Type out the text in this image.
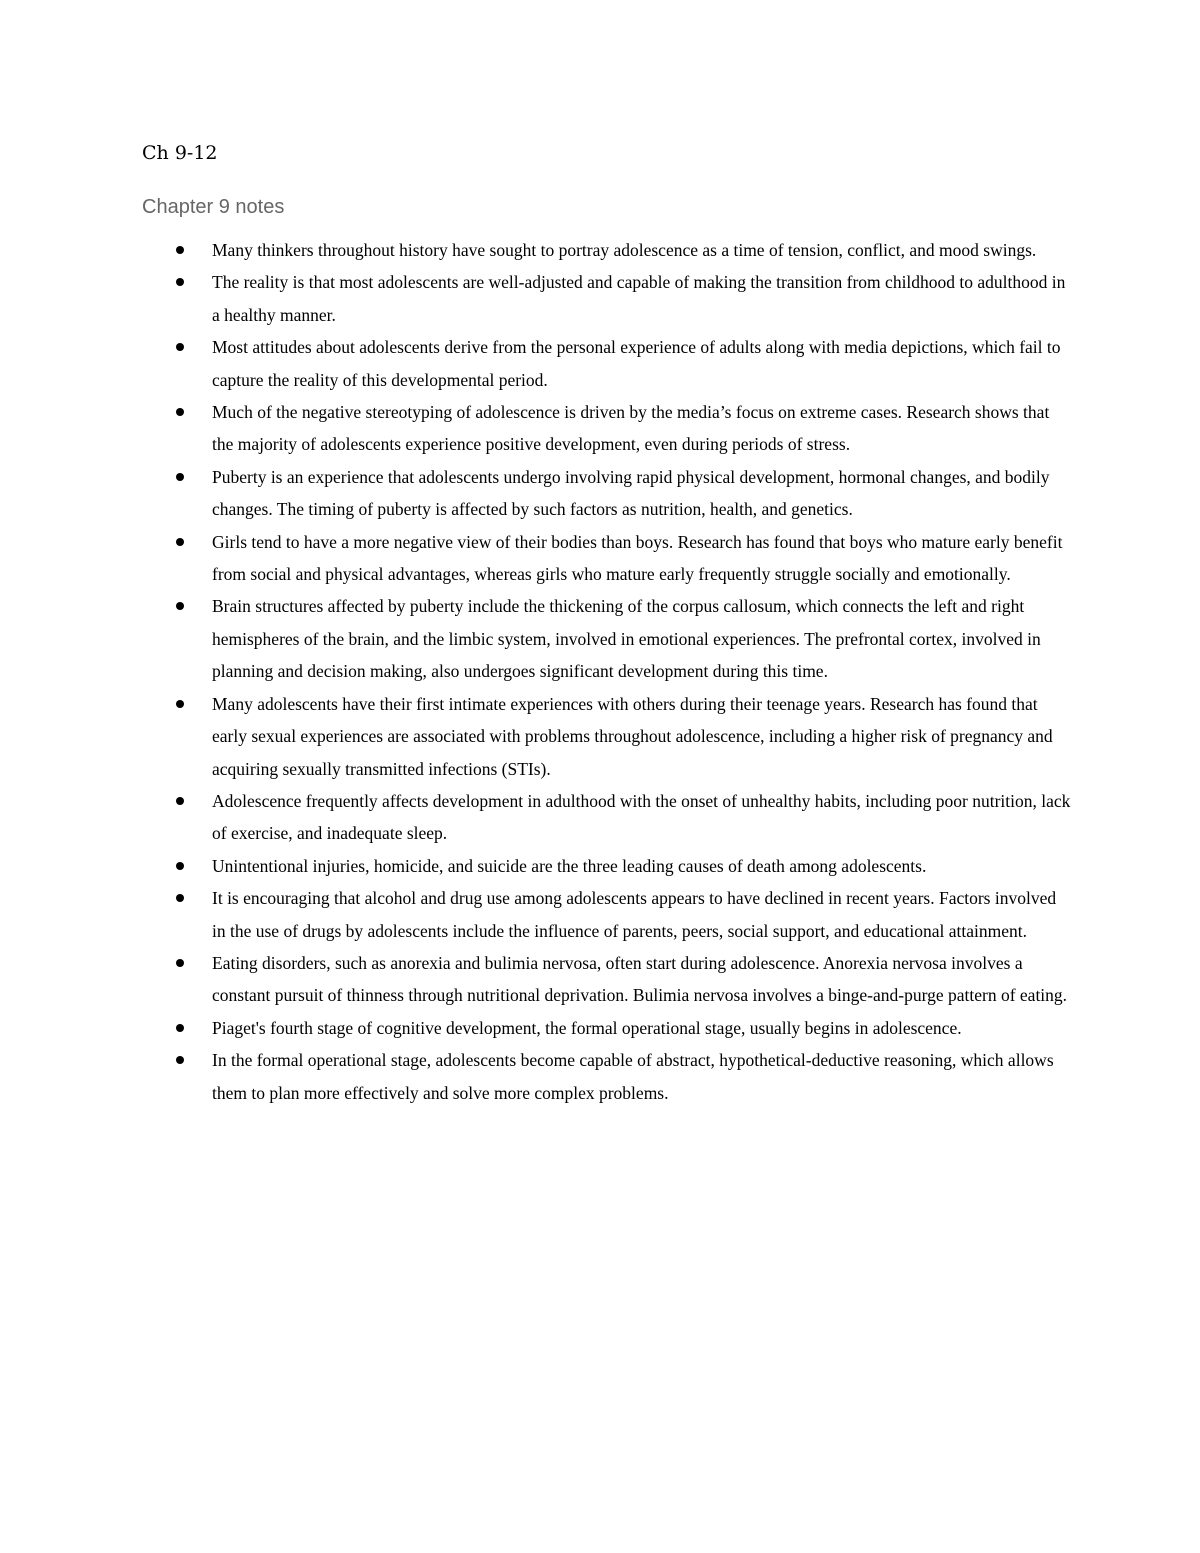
Ch 9-12
Chapter 9 notes
Many thinkers throughout history have sought to portray adolescence as a time of tension, conflict, and mood swings.
The reality is that most adolescents are well-adjusted and capable of making the transition from childhood to adulthood in a healthy manner.
Most attitudes about adolescents derive from the personal experience of adults along with media depictions, which fail to capture the reality of this developmental period.
Much of the negative stereotyping of adolescence is driven by the media’s focus on extreme cases. Research shows that the majority of adolescents experience positive development, even during periods of stress.
Puberty is an experience that adolescents undergo involving rapid physical development, hormonal changes, and bodily changes. The timing of puberty is affected by such factors as nutrition, health, and genetics.
Girls tend to have a more negative view of their bodies than boys. Research has found that boys who mature early benefit from social and physical advantages, whereas girls who mature early frequently struggle socially and emotionally.
Brain structures affected by puberty include the thickening of the corpus callosum, which connects the left and right hemispheres of the brain, and the limbic system, involved in emotional experiences. The prefrontal cortex, involved in planning and decision making, also undergoes significant development during this time.
Many adolescents have their first intimate experiences with others during their teenage years. Research has found that early sexual experiences are associated with problems throughout adolescence, including a higher risk of pregnancy and acquiring sexually transmitted infections (STIs).
Adolescence frequently affects development in adulthood with the onset of unhealthy habits, including poor nutrition, lack of exercise, and inadequate sleep.
Unintentional injuries, homicide, and suicide are the three leading causes of death among adolescents.
It is encouraging that alcohol and drug use among adolescents appears to have declined in recent years. Factors involved in the use of drugs by adolescents include the influence of parents, peers, social support, and educational attainment.
Eating disorders, such as anorexia and bulimia nervosa, often start during adolescence. Anorexia nervosa involves a constant pursuit of thinness through nutritional deprivation. Bulimia nervosa involves a binge-and-purge pattern of eating.
Piaget's fourth stage of cognitive development, the formal operational stage, usually begins in adolescence.
In the formal operational stage, adolescents become capable of abstract, hypothetical-deductive reasoning, which allows them to plan more effectively and solve more complex problems.
